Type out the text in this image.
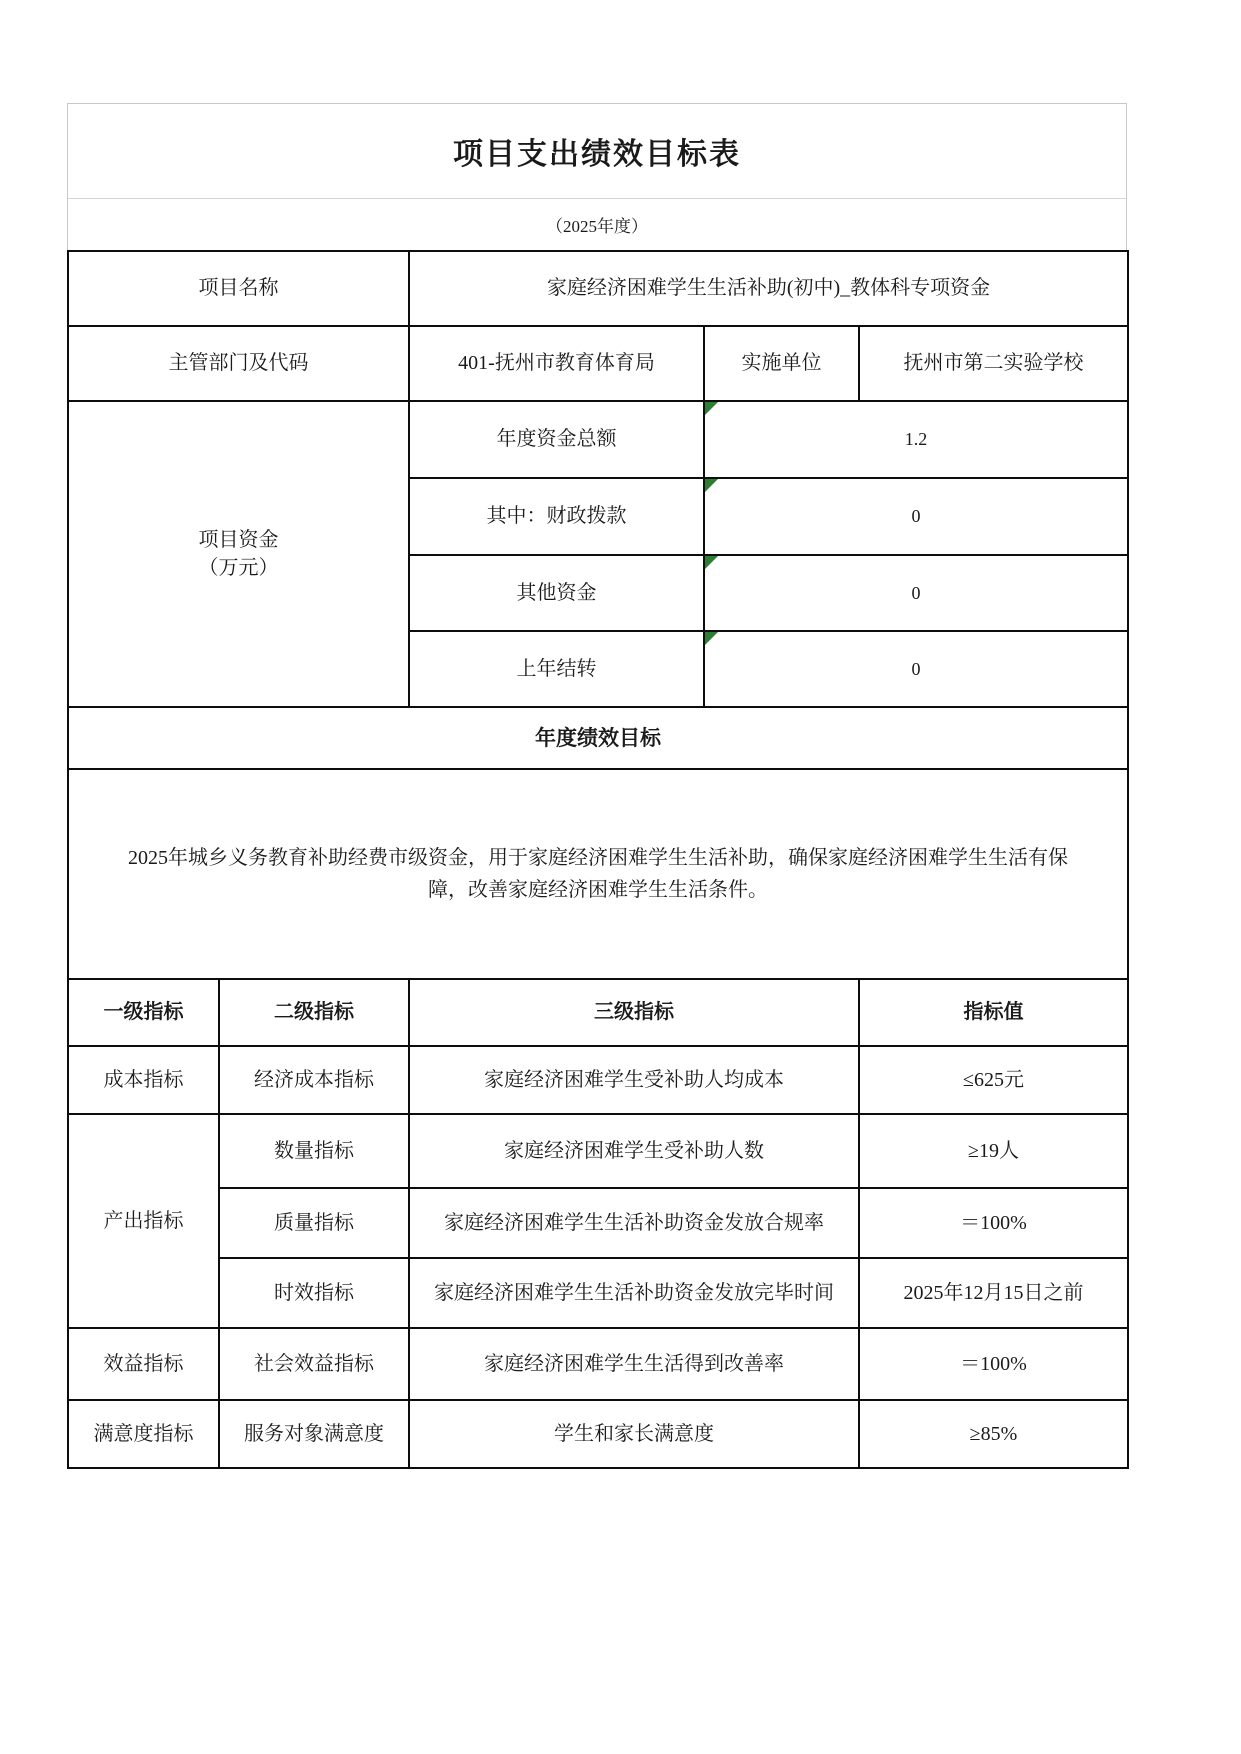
项目支出绩效目标表
（2025年度）
项目名称	家庭经济困难学生生活补助(初中)_教体科专项资金
主管部门及代码	401-抚州市教育体育局	实施单位	抚州市第二实验学校
项目资金
（万元）
年度资金总额	1.2
其中：财政拨款	0
其他资金	0
上年结转	0
年度绩效目标
2025年城乡义务教育补助经费市级资金，用于家庭经济困难学生生活补助，确保家庭经济困难学生生活有保障，改善家庭经济困难学生生活条件。
一级指标	二级指标	三级指标	指标值
成本指标	经济成本指标	家庭经济困难学生受补助人均成本	≤625元
产出指标
数量指标	家庭经济困难学生受补助人数	≥19人
质量指标	家庭经济困难学生生活补助资金发放合规率	＝100%
时效指标	家庭经济困难学生生活补助资金发放完毕时间	2025年12月15日之前
效益指标	社会效益指标	家庭经济困难学生生活得到改善率	＝100%
满意度指标	服务对象满意度	学生和家长满意度	≥85%
